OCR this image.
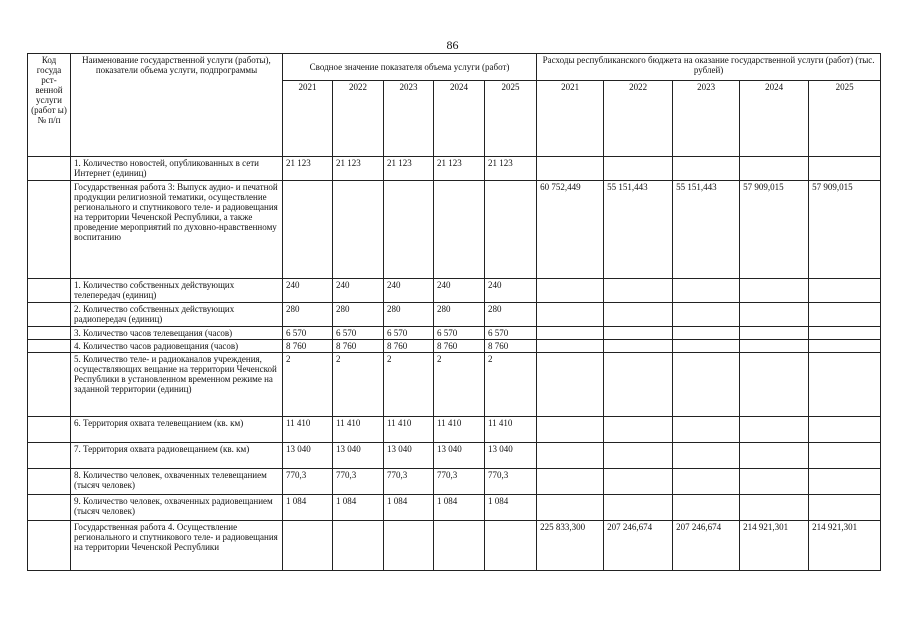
86
Код госуда рст- венной услуги (работ ы) № п/п	Наименование государственной услуги (работы), показатели объема услуги, подпрограммы	Сводное значение показателя объема услуги (работ)					Расходы республиканского бюджета на оказание государственной услуги (работ) (тыс. рублей)				
		2021	2022	2023	2024	2025	2021	2022	2023	2024	2025
	1. Количество новостей, опубликованных в сети Интернет (единиц)	21 123	21 123	21 123	21 123	21 123					
	Государственная работа 3: Выпуск аудио- и печатной продукции религиозной тематики, осуществление регионального и спутникового теле- и радиовещания на территории Чеченской Республики, а также проведение мероприятий по духовно-нравственному воспитанию						60 752,449	55 151,443	55 151,443	57 909,015	57 909,015
	1. Количество собственных действующих телепередач (единиц)	240	240	240	240	240					
	2. Количество собственных действующих радиопередач (единиц)	280	280	280	280	280					
	3. Количество часов телевещания (часов)	6 570	6 570	6 570	6 570	6 570					
	4. Количество часов радиовещания (часов)	8 760	8 760	8 760	8 760	8 760					
	5. Количество теле- и радиоканалов учреждения, осуществляющих вещание на территории Чеченской Республики в установленном временном режиме на заданной территории (единиц)	2	2	2	2	2					
	6. Территория охвата телевещанием (кв. км)	11 410	11 410	11 410	11 410	11 410					
	7. Территория охвата радиовещанием (кв. км)	13 040	13 040	13 040	13 040	13 040					
	8. Количество человек, охваченных телевещанием (тысяч человек)	770,3	770,3	770,3	770,3	770,3					
	9. Количество человек, охваченных радиовещанием (тысяч человек)	1 084	1 084	1 084	1 084	1 084					
	Государственная работа 4. Осуществление регионального и спутникового теле- и радиовещания на территории Чеченской Республики						225 833,300	207 246,674	207 246,674	214 921,301	214 921,301
